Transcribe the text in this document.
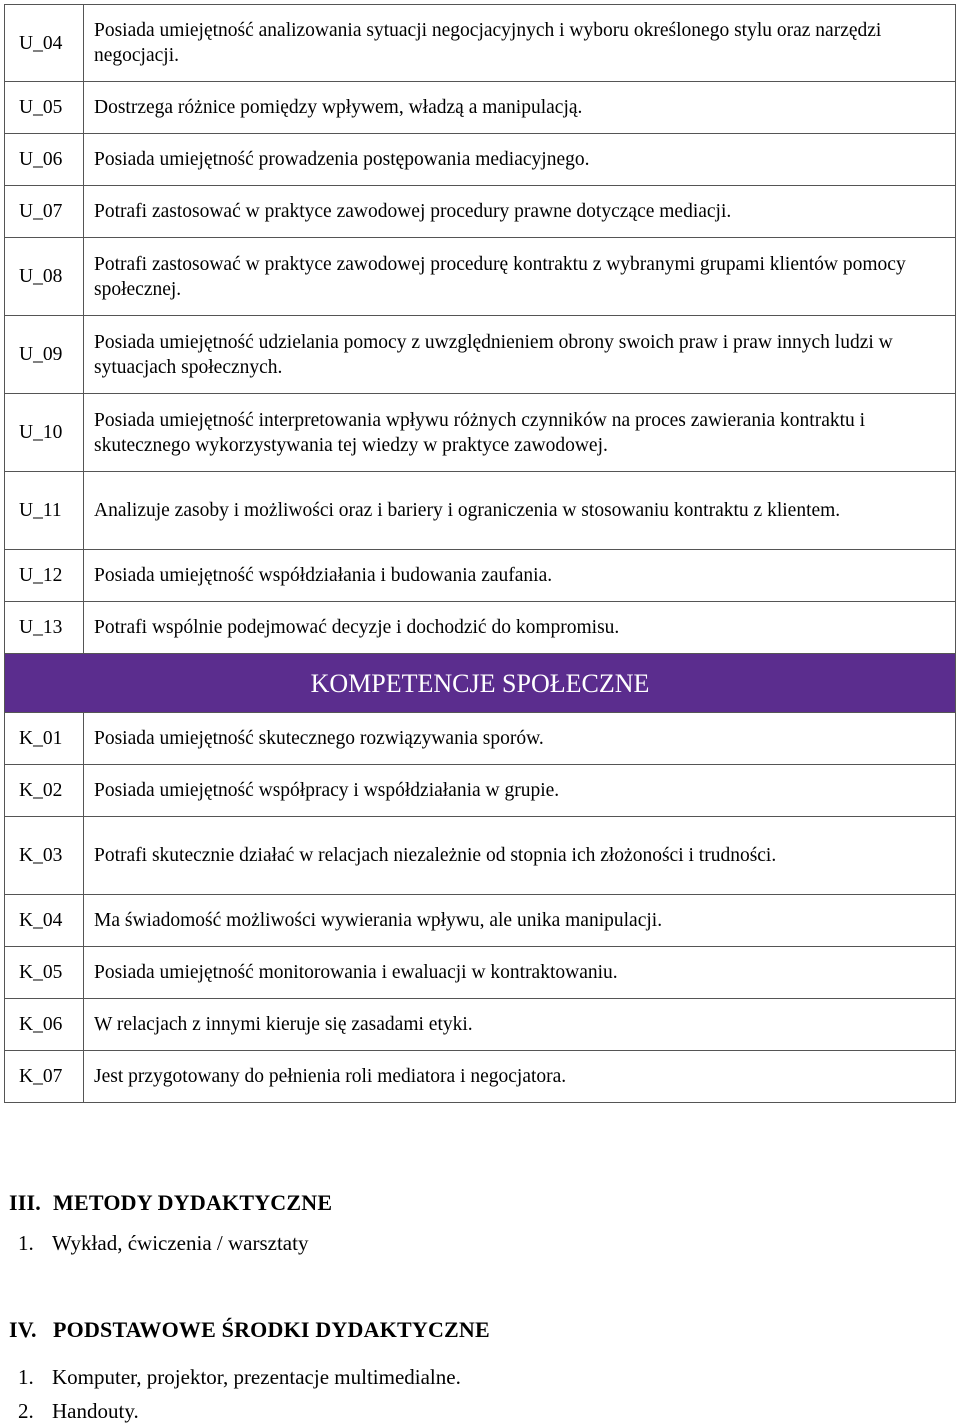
U_04	Posiada umiejętność analizowania sytuacji negocjacyjnych i wyboru określonego stylu oraz narzędzi negocjacji.
U_05	Dostrzega różnice pomiędzy wpływem, władzą a manipulacją.
U_06	Posiada umiejętność prowadzenia postępowania mediacyjnego.
U_07	Potrafi zastosować w praktyce zawodowej procedury prawne dotyczące mediacji.
U_08	Potrafi zastosować w praktyce zawodowej procedurę kontraktu z wybranymi grupami klientów pomocy społecznej.
U_09	Posiada umiejętność udzielania pomocy z uwzględnieniem obrony swoich praw i praw innych ludzi w sytuacjach społecznych.
U_10	Posiada umiejętność interpretowania wpływu różnych czynników na proces zawierania kontraktu i skutecznego wykorzystywania tej wiedzy w praktyce zawodowej.
U_11	Analizuje zasoby i możliwości oraz i bariery i ograniczenia w stosowaniu kontraktu z klientem.
U_12	Posiada umiejętność współdziałania i budowania zaufania.
U_13	Potrafi wspólnie podejmować decyzje i dochodzić do kompromisu.
KOMPETENCJE SPOŁECZNE	
K_01	Posiada umiejętność skutecznego rozwiązywania sporów.
K_02	Posiada umiejętność współpracy i współdziałania w grupie.
K_03	Potrafi skutecznie działać w relacjach niezależnie od stopnia ich złożoności i trudności.
K_04	Ma świadomość możliwości wywierania wpływu, ale unika manipulacji.
K_05	Posiada umiejętność monitorowania i ewaluacji w kontraktowaniu.
K_06	W relacjach z innymi kieruje się zasadami etyki.
K_07	Jest przygotowany do pełnienia roli mediatora i negocjatora.
III. METODY DYDAKTYCZNE
1. Wykład, ćwiczenia / warsztaty
IV. PODSTAWOWE ŚRODKI DYDAKTYCZNE
1. Komputer, projektor, prezentacje multimedialne.
2. Handouty.
